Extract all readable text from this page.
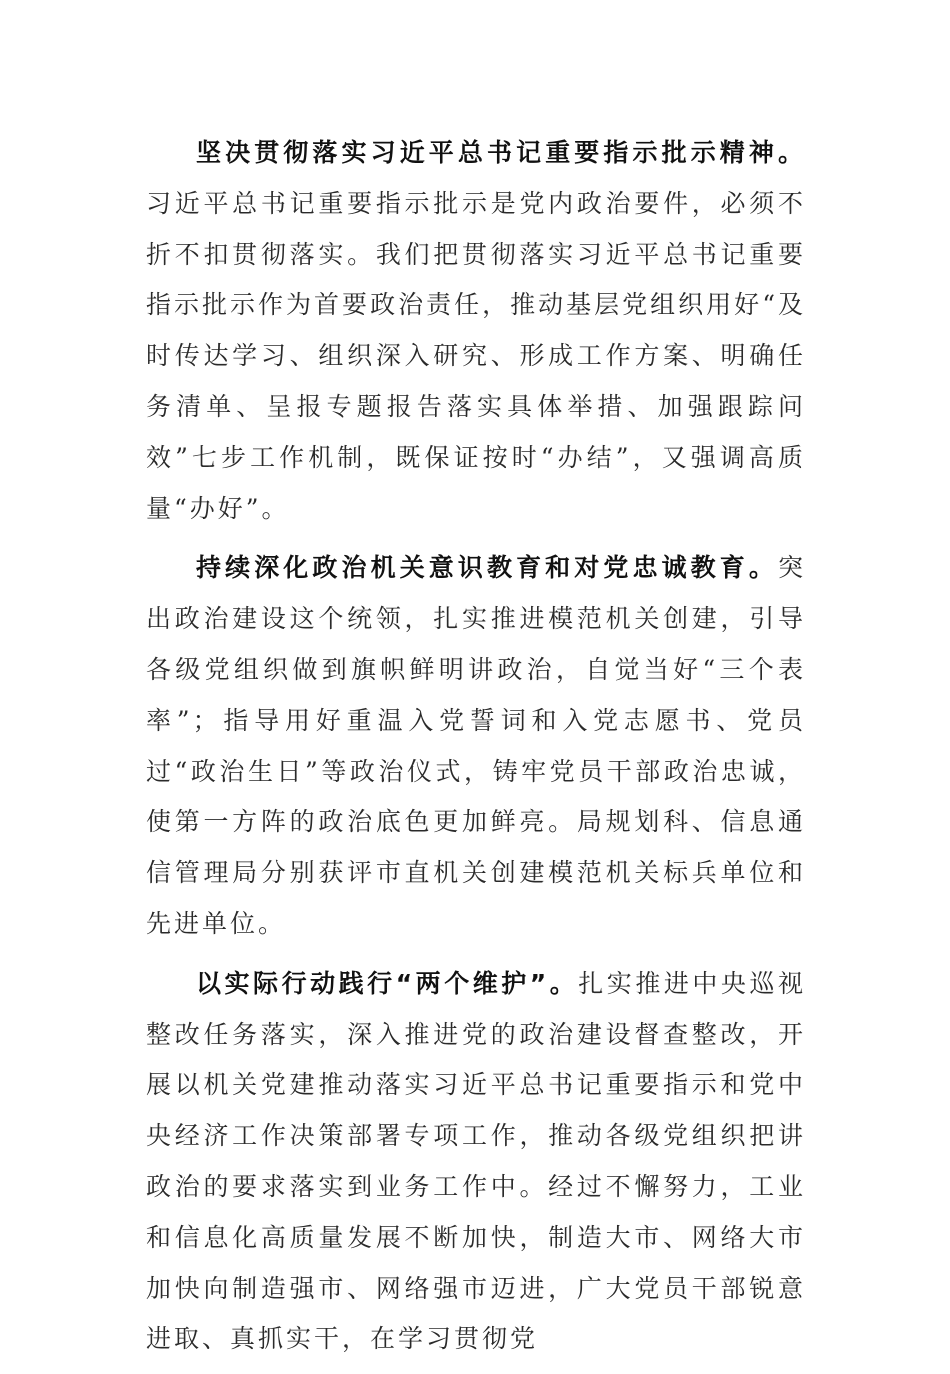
坚决贯彻落实习近平总书记重要指示批示精神。习近平总书记重要指示批示是党内政治要件，必须不折不扣贯彻落实。我们把贯彻落实习近平总书记重要指示批示作为首要政治责任，推动基层党组织用好“及时传达学习、组织深入研究、形成工作方案、明确任务清单、呈报专题报告落实具体举措、加强跟踪问效”七步工作机制，既保证按时“办结”，又强调高质量“办好”。

持续深化政治机关意识教育和对党忠诚教育。突出政治建设这个统领，扎实推进模范机关创建，引导各级党组织做到旗帜鲜明讲政治，自觉当好“三个表率”；指导用好重温入党誓词和入党志愿书、党员过“政治生日”等政治仪式，铸牢党员干部政治忠诚，使第一方阵的政治底色更加鲜亮。局规划科、信息通信管理局分别获评市直机关创建模范机关标兵单位和先进单位。

以实际行动践行“两个维护”。扎实推进中央巡视整改任务落实，深入推进党的政治建设督查整改，开展以机关党建推动落实习近平总书记重要指示和党中央经济工作决策部署专项工作，推动各级党组织把讲政治的要求落实到业务工作中。经过不懈努力，工业和信息化高质量发展不断加快，制造大市、网络大市加快向制造强市、网络强市迈进，广大党员干部锐意进取、真抓实干，在学习贯彻党
